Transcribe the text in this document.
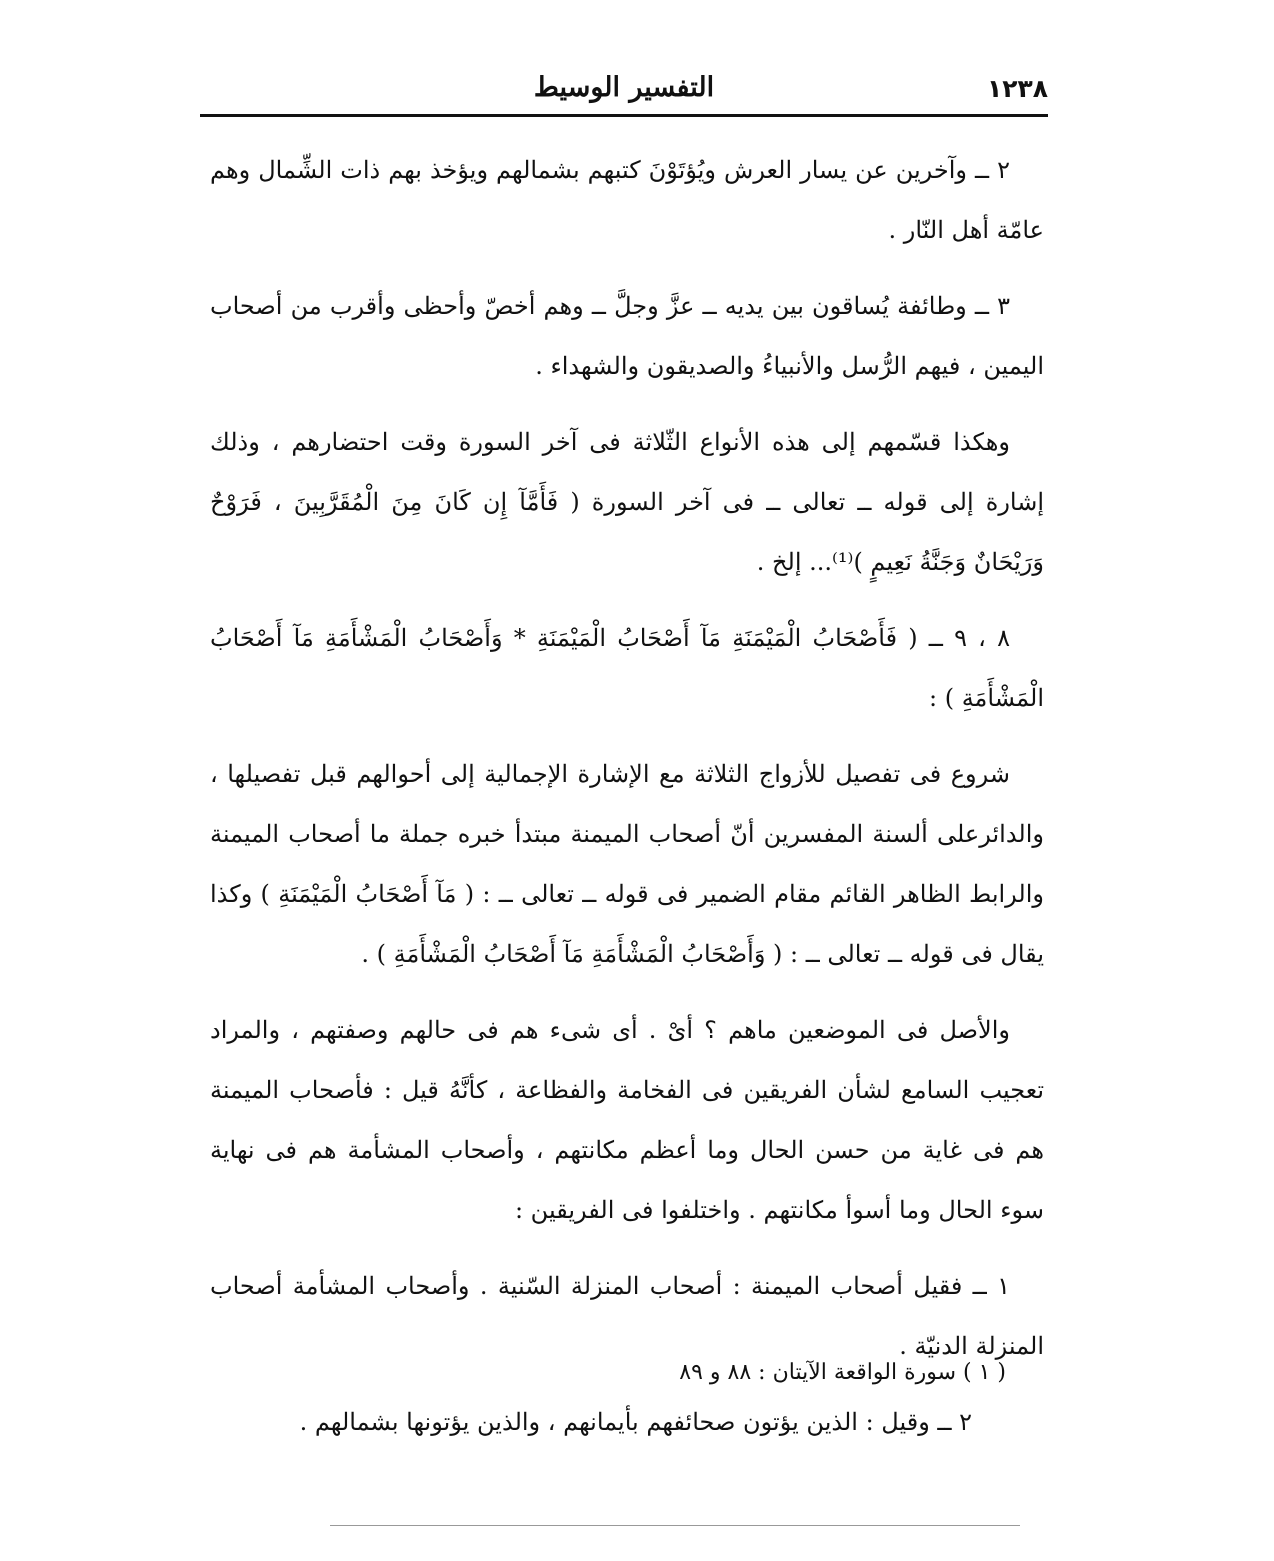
١٢٣٨
التفسير الوسيط

٢ ــ وآخرين عن يسار العرش ويُؤتَوْنَ كتبهم بشمالهم ويؤخذ بهم ذات الشِّمال وهم عامّة أهل النّار .

٣ ــ وطائفة يُساقون بين يديه ــ عزَّ وجلَّ ــ وهم أخصّ وأحظى وأقرب من أصحاب اليمين ، فيهم الرُّسل والأنبياءُ والصديقون والشهداء .

وهكذا قسّمهم إلى هذه الأنواع الثّلاثة فى آخر السورة وقت احتضارهم ، وذلك إشارة إلى قوله ــ تعالى ــ فى آخر السورة ( فَأَمَّآ إِن كَانَ مِنَ الْمُقَرَّبِينَ ، فَرَوْحٌ وَرَيْحَانٌ وَجَنَّةُ نَعِيمٍ )⁽¹⁾... إلخ .

٨ ، ٩ ــ ( فَأَصْحَابُ الْمَيْمَنَةِ مَآ أَصْحَابُ الْمَيْمَنَةِ * وَأَصْحَابُ الْمَشْأَمَةِ مَآ أَصْحَابُ الْمَشْأَمَةِ ) :

شروع فى تفصيل للأزواج الثلاثة مع الإشارة الإجمالية إلى أحوالهم قبل تفصيلها ، والدائرعلى ألسنة المفسرين أنّ أصحاب الميمنة مبتدأ خبره جملة ما أصحاب الميمنة والرابط الظاهر القائم مقام الضمير فى قوله ــ تعالى ــ : ( مَآ أَصْحَابُ الْمَيْمَنَةِ ) وكذا يقال فى قوله ــ تعالى ــ : ( وَأَصْحَابُ الْمَشْأَمَةِ مَآ أَصْحَابُ الْمَشْأَمَةِ ) .

والأصل فى الموضعين ماهم ؟ أىْ . أى شىء هم فى حالهم وصفتهم ، والمراد تعجيب السامع لشأن الفريقين فى الفخامة والفظاعة ، كأنَّهُ قيل : فأصحاب الميمنة هم فى غاية من حسن الحال وما أعظم مكانتهم ، وأصحاب المشأمة هم فى نهاية سوء الحال وما أسوأ مكانتهم . واختلفوا فى الفريقين :

١ ــ فقيل أصحاب الميمنة : أصحاب المنزلة السّنية . وأصحاب المشأمة أصحاب المنزلة الدنيّة .

٢ ــ وقيل : الذين يؤتون صحائفهم بأيمانهم ، والذين يؤتونها بشمالهم .

( ١ ) سورة الواقعة الآيتان : ٨٨ و ٨٩
